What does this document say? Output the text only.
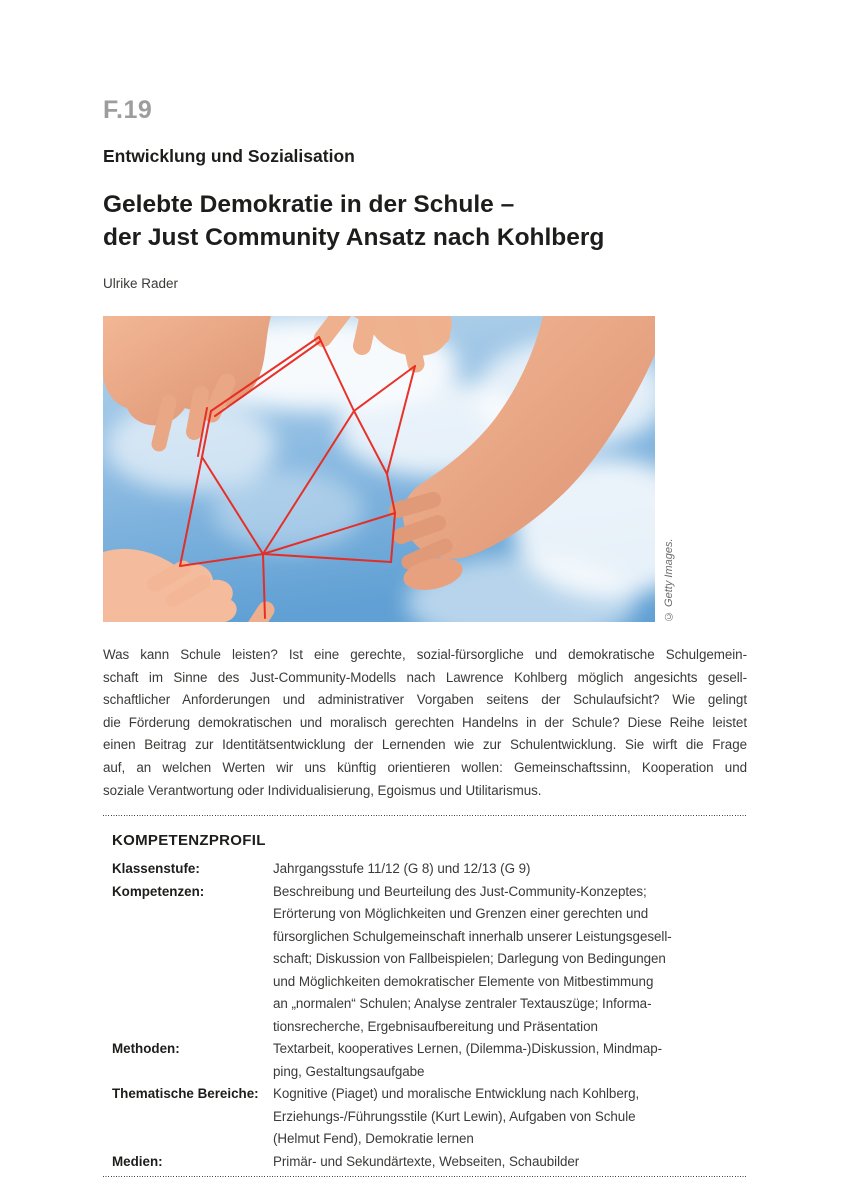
F.19
Entwicklung und Sozialisation
Gelebte Demokratie in der Schule –
der Just Community Ansatz nach Kohlberg
Ulrike Rader
© Getty Images.
Was kann Schule leisten? Ist eine gerechte, sozial-fürsorgliche und demokratische Schulgemein-
schaft im Sinne des Just-Community-Modells nach Lawrence Kohlberg möglich angesichts gesell-
schaftlicher Anforderungen und administrativer Vorgaben seitens der Schulaufsicht? Wie gelingt
die Förderung demokratischen und moralisch gerechten Handelns in der Schule? Diese Reihe leistet
einen Beitrag zur Identitätsentwicklung der Lernenden wie zur Schulentwicklung. Sie wirft die Frage
auf, an welchen Werten wir uns künftig orientieren wollen: Gemeinschaftssinn, Kooperation und
soziale Verantwortung oder Individualisierung, Egoismus und Utilitarismus.
KOMPETENZPROFIL
Klassenstufe:	Jahrgangsstufe 11/12 (G 8) und 12/13 (G 9)
Kompetenzen:	Beschreibung und Beurteilung des Just-Community-Konzeptes;
Erörterung von Möglichkeiten und Grenzen einer gerechten und
fürsorglichen Schulgemeinschaft innerhalb unserer Leistungsgesell-
schaft; Diskussion von Fallbeispielen; Darlegung von Bedingungen
und Möglichkeiten demokratischer Elemente von Mitbestimmung
an „normalen“ Schulen; Analyse zentraler Textauszüge; Informa-
tionsrecherche, Ergebnisaufbereitung und Präsentation
Methoden:	Textarbeit, kooperatives Lernen, (Dilemma-)Diskussion, Mindmap-
ping, Gestaltungsaufgabe
Thematische Bereiche:	Kognitive (Piaget) und moralische Entwicklung nach Kohlberg,
Erziehungs-/Führungsstile (Kurt Lewin), Aufgaben von Schule
(Helmut Fend), Demokratie lernen
Medien:	Primär- und Sekundärtexte, Webseiten, Schaubilder
